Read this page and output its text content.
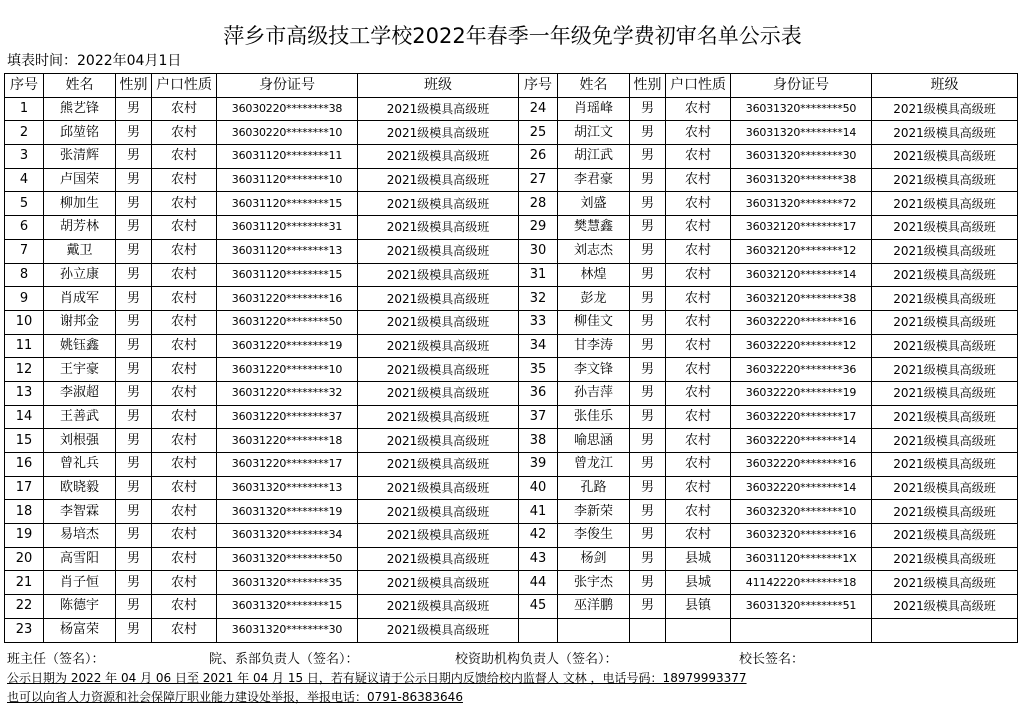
萍乡市高级技工学校2022年春季一年级免学费初审名单公示表
填表时间：2022年04月1日
序号	姓名	性别	户口性质	身份证号	班级	序号	姓名	性别	户口性质	身份证号	班级
1	熊艺锋	男	农村	36030220********38	2021级模具高级班	24	肖瑶峰	男	农村	36031320********50	2021级模具高级班
2	邱堃铭	男	农村	36030220********10	2021级模具高级班	25	胡江文	男	农村	36031320********14	2021级模具高级班
3	张清辉	男	农村	36031120********11	2021级模具高级班	26	胡江武	男	农村	36031320********30	2021级模具高级班
4	卢国荣	男	农村	36031120********10	2021级模具高级班	27	李君豪	男	农村	36031320********38	2021级模具高级班
5	柳加生	男	农村	36031120********15	2021级模具高级班	28	刘盛	男	农村	36031320********72	2021级模具高级班
6	胡芳林	男	农村	36031120********31	2021级模具高级班	29	樊慧鑫	男	农村	36032120********17	2021级模具高级班
7	戴卫	男	农村	36031120********13	2021级模具高级班	30	刘志杰	男	农村	36032120********12	2021级模具高级班
8	孙立康	男	农村	36031120********15	2021级模具高级班	31	林煌	男	农村	36032120********14	2021级模具高级班
9	肖成军	男	农村	36031220********16	2021级模具高级班	32	彭龙	男	农村	36032120********38	2021级模具高级班
10	谢邦金	男	农村	36031220********50	2021级模具高级班	33	柳佳文	男	农村	36032220********16	2021级模具高级班
11	姚钰鑫	男	农村	36031220********19	2021级模具高级班	34	甘李涛	男	农村	36032220********12	2021级模具高级班
12	王宇豪	男	农村	36031220********10	2021级模具高级班	35	李文锋	男	农村	36032220********36	2021级模具高级班
13	李淑超	男	农村	36031220********32	2021级模具高级班	36	孙吉萍	男	农村	36032220********19	2021级模具高级班
14	王善武	男	农村	36031220********37	2021级模具高级班	37	张佳乐	男	农村	36032220********17	2021级模具高级班
15	刘根强	男	农村	36031220********18	2021级模具高级班	38	喻思涵	男	农村	36032220********14	2021级模具高级班
16	曾礼兵	男	农村	36031220********17	2021级模具高级班	39	曾龙江	男	农村	36032220********16	2021级模具高级班
17	欧晓毅	男	农村	36031320********13	2021级模具高级班	40	孔路	男	农村	36032220********14	2021级模具高级班
18	李智霖	男	农村	36031320********19	2021级模具高级班	41	李新荣	男	农村	36032320********10	2021级模具高级班
19	易培杰	男	农村	36031320********34	2021级模具高级班	42	李俊生	男	农村	36032320********16	2021级模具高级班
20	高雪阳	男	农村	36031320********50	2021级模具高级班	43	杨剑	男	县城	36031120********1X	2021级模具高级班
21	肖子恒	男	农村	36031320********35	2021级模具高级班	44	张宇杰	男	县城	41142220********18	2021级模具高级班
22	陈德宇	男	农村	36031320********15	2021级模具高级班	45	巫洋鹏	男	县镇	36031320********51	2021级模具高级班
23	杨富荣	男	农村	36031320********30	2021级模具高级班						
班主任（签名）：	院、系部负责人（签名）：	校资助机构负责人（签名）：	校长签名：
公示日期为 2022 年 04 月 06 日至 2021 年 04 月 15 日，若有疑议请于公示日期内反馈给校内监督人 文林 ，电话号码：18979993377
也可以向省人力资源和社会保障厅职业能力建设处举报，举报电话：0791-86383646
